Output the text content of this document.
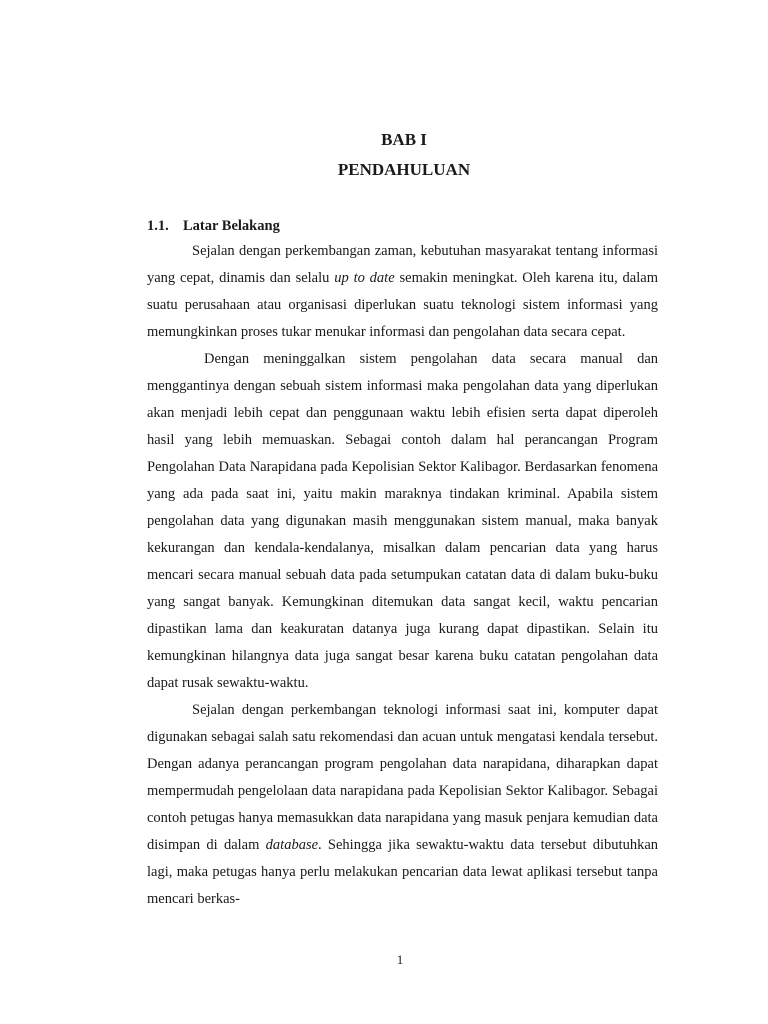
BAB I
PENDAHULUAN
1.1. Latar Belakang

Sejalan dengan perkembangan zaman, kebutuhan masyarakat tentang informasi yang cepat, dinamis dan selalu up to date semakin meningkat. Oleh karena itu, dalam suatu perusahaan atau organisasi diperlukan suatu teknologi sistem informasi yang memungkinkan proses tukar menukar informasi dan pengolahan data secara cepat.

Dengan meninggalkan sistem pengolahan data secara manual dan menggantinya dengan sebuah sistem informasi maka pengolahan data yang diperlukan akan menjadi lebih cepat dan penggunaan waktu lebih efisien serta dapat diperoleh hasil yang lebih memuaskan. Sebagai contoh dalam hal perancangan Program Pengolahan Data Narapidana pada Kepolisian Sektor Kalibagor. Berdasarkan fenomena yang ada pada saat ini, yaitu makin maraknya tindakan kriminal. Apabila sistem pengolahan data yang digunakan masih menggunakan sistem manual, maka banyak kekurangan dan kendala-kendalanya, misalkan dalam pencarian data yang harus mencari secara manual sebuah data pada setumpukan catatan data di dalam buku-buku yang sangat banyak. Kemungkinan ditemukan data sangat kecil, waktu pencarian dipastikan lama dan keakuratan datanya juga kurang dapat dipastikan. Selain itu kemungkinan hilangnya data juga sangat besar karena buku catatan pengolahan data dapat rusak sewaktu-waktu.

Sejalan dengan perkembangan teknologi informasi saat ini, komputer dapat digunakan sebagai salah satu rekomendasi dan acuan untuk mengatasi kendala tersebut. Dengan adanya perancangan program pengolahan data narapidana, diharapkan dapat mempermudah pengelolaan data narapidana pada Kepolisian Sektor Kalibagor. Sebagai contoh petugas hanya memasukkan data narapidana yang masuk penjara kemudian data disimpan di dalam database. Sehingga jika sewaktu-waktu data tersebut dibutuhkan lagi, maka petugas hanya perlu melakukan pencarian data lewat aplikasi tersebut tanpa mencari berkas-

1
